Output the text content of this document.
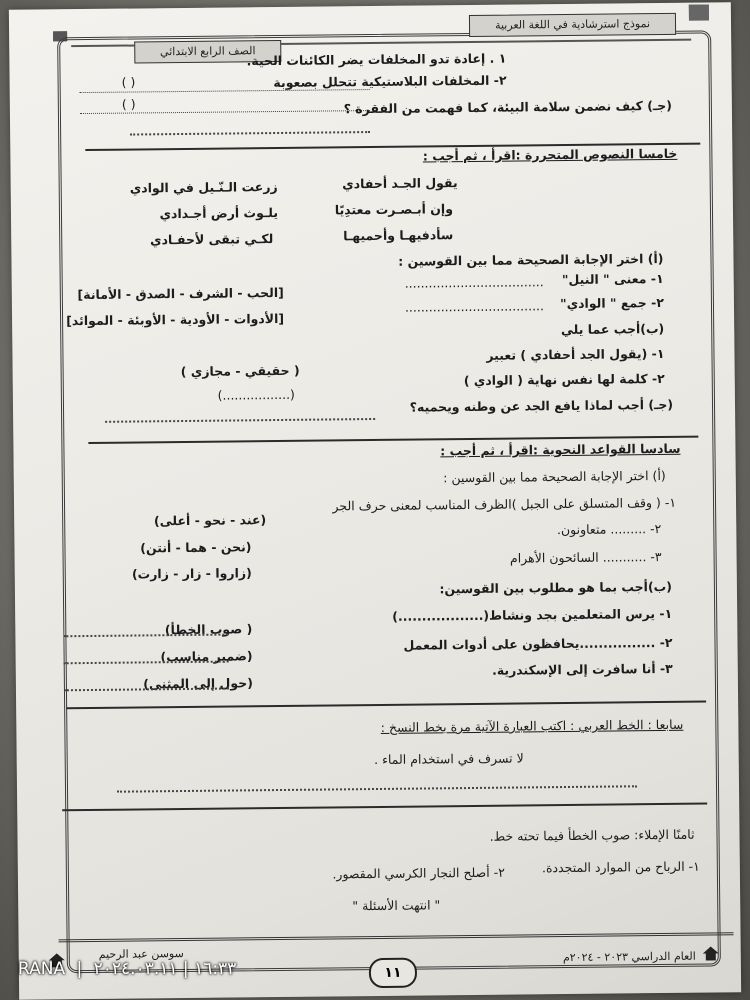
نموذج استرشادية في اللغة العربية
الصف الرابع الابتدائي
١ . إعادة تدو المخلفات يضر الكائنات الحية.
٢- المخلفات البلاستيكية تتحلل بصعوبة
( )
( )	(جـ) كيف نضمن سلامة البيئة، كما فهمت من الفقرة ؟
خامسا النصوص المتحررة :اقرأ ، ثم أجب :
يقول الجـد أحفادي
زرعت الـنّـيل في الوادي
وإن أبـصـرت معتدِيًا
يلـوث أرض أجـدادي
سأدفيهـا وأحميهـا
لكـي تبقى لأحفـادي
(أ) اختر الإجابة الصحيحة مما بين القوسين :
١- معنى " النيل"
...................................
[الحب - الشرف - الصدق - الأمانة]
٢- جمع " الوادي"
...................................
[الأدوات - الأودية - الأوبئة - الموائد]
(ب)أجب عما يلي
١- (يقول الجد أحفادي ) تعبير
( حقيقي - مجازي )
٢- كلمة لها نفس نهاية ( الوادي )
(.................)
(جـ) أجب لماذا يافع الجد عن وطنه ويحميه؟
سادسا القواعد النحوية :اقرأ ، ثم أجب :
(أ) اختر الإجابة الصحيحة مما بين القوسين :
١- ( وقف المتسلق على الجبل )الظرف المناسب لمعنى حرف الجر
(عند - نحو - أعلى)
٢- ......... متعاونون.
(نحن - هما - أنتن)
٣- ........... السائحون الأهرام
(زاروا - زار - زارت)
(ب)أجب بما هو مطلوب بين القوسين:
١- يرس المتعلمين بجد ونشاط(..................)
( صوب الخطأ)
٢- ................يحافظون على أدوات المعمل
(ضمير مناسب)
٣- أنا سافرت إلى الإسكندرية.
(حول إلى المثنى)
سابعا : الخط العربي : اكتب العبارة الآتية مرة بخط النسخ :
لا تسرف في استخدام الماء .
ثامنًا الإملاء: صوب الخطأ فيما تحته خط.
١- الرباح من الموارد المتجددة.
٢- أصلح النجار الكرسي المقصور.
" انتهت الأسئلة "
العام الدراسي ٢٠٢٣ - ٢٠٢٤م
سوسن عبد الرحيم
١١
RANA | ١٦:٣٣ | ٢٠٢٤.٠٣.١١
